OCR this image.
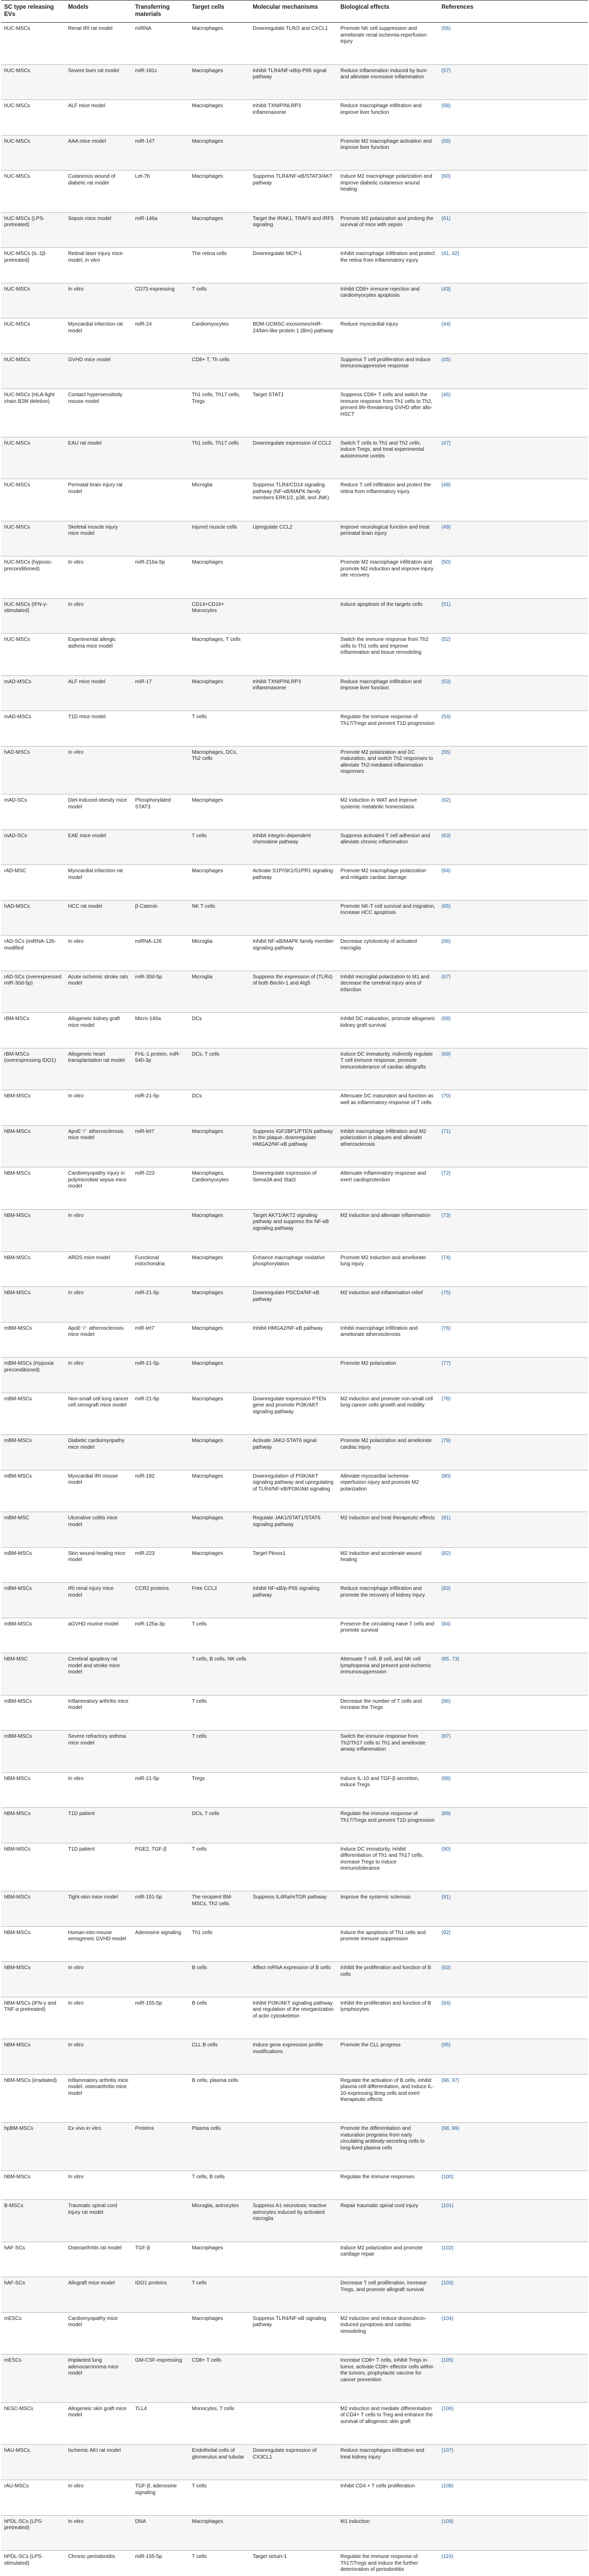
SC type releasing EVs	Models	Transferring materials	Target cells	Molecular mechanisms	Biological effects	References
hUC-MSCs	Renal IRI rat model	miRNA	Macrophages	Downregulate TLR/2 and CXCL1	Promote NK cell suppression and ameliorate renal ischemia-reperfusion injury	(56)
hUC-MSCs	Severe burn rat model	miR-181c	Macrophages	Inhibit TLR4/NF-κB/p-P65 signal pathway	Reduce inflammation induced by burn and alleviate excessive inflammation	(57)
hUC-MSCs	ALF mice model		Macrophages	Inhibit TXNIP/NLRP3 inflammasome	Reduce macrophage infiltration and improve liver function	(58)
hUC-MSCs	AAA mice model	miR-147	Macrophages		Promote M2 macrophage activation and improve liver function	(59)
hUC-MSCs	Cutaneous wound of diabetic rat model	Let-7b	Macrophages	Suppress TLR4/NF-κB/STAT3/AKT pathway	Induce M2 macrophage polarization and improve diabetic cutaneous wound healing	(60)
hUC-MSCs (LPS-pretreated)	Sepsis mice model	miR-146a	Macrophages	Target the IRAK1, TRAF6 and IRF5 signaling	Promote M2 polarization and prolong the survival of mice with sepsis	(61)
hUC-MSCs (IL-1β-pretreated)	Retinal laser injury mice model, in vitro		The retina cells	Downregulate MCP-1	Inhibit macrophage infiltration and protect the retina from inflammatory injury	(41, 42)
hUC-MSCs	In vitro	CD73 expressing	T cells		Inhibit CD8+ immune rejection and cardiomyocytes apoptosis	(43)
hUC-MSCs	Myocardial infarction rat model	miR-24	Cardiomyocytes	BDM-UCMSC-exosomes/miR-24/bim-like protein 1 (Bim) pathway	Reduce myocardial injury	(44)
hUC-MSCs	GVHD mice model		CD8+ T, Th cells		Suppress T cell proliferation and induce immunosuppressive response	(45)
hUC-MSCs (HLA-light chain B2M deletion)	Contact hypersensitivity mouse model		Th1 cells, Th17 cells, Tregs	Target STAT1	Suppress CD8+ T cells and switch the immune response from Th1 cells to Th2, prevent life-threatening GVHD after allo-HSCT	(46)
hUC-MSCs	EAU rat model		Th1 cells, Th17 cells	Downregulate expression of CCL2	Switch T cells to Th1 and Th2 cells, induce Tregs, and treat experimental autoimmune uveitis	(47)
hUC-MSCs	Perinatal brain injury rat model		Microglia	Suppress TLR4/CD14 signaling pathway (NF-κB/MAPK family members ERK1/2, p38, and JNK)	Reduce T cell infiltration and protect the retina from inflammatory injury	(48)
hUC-MSCs	Skeletal muscle injury mice model		Injured muscle cells	Upregulate CCL2	Improve neurological function and treat perinatal brain injury	(49)
hUC-MSCs (hypoxic-preconditioned)	In vitro	miR-216a-5p	Macrophages		Promote M2 macrophage infiltration and promote M2 induction and improve injury site recovery	(50)
hUC-MSCs (IFN-γ-stimulated)	In vitro		CD14+CD16+ Monocytes		Induce apoptosis of the targets cells	(51)
hUC-MSCs	Experimental allergic asthma mice model		Macrophages, T cells		Switch the immune response from Th2 cells to Th1 cells and improve inflammation and tissue remodeling	(52)
mAD-MSCs	ALF mice model	miR-17	Macrophages	Inhibit TXNIP/NLRP3 inflammasome	Reduce macrophage infiltration and improve liver function	(53)
mAD-MSCs	T1D mice model		T cells		Regulate the immune response of Th17/Tregs and prevent T1D progression	(54)
hAD-MSCs	In vitro		Macrophages, DCs, Th2 cells		Promote M2 polarization and DC maturation, and switch Th2 responses to alleviate Th2-mediated inflammation responses	(55)
mAD-SCs	Diet-induced obesity mice model	Phosphorylated STAT3	Macrophages		M2 induction in WAT and improve systemic metabolic homeostasis	(62)
mAD-SCs	EAE mice model		T cells	Inhibit integrin-dependent chemokine pathway	Suppress activated T cell adhesion and alleviate chronic inflammation	(63)
rAD-MSC	Myocardial infarction rat model		Macrophages	Activate S1P/SK1/S1PR1 signaling pathway	Promote M2 macrophage polarization and mitigate cardiac damage	(64)
hAD-MSCs	HCC rat model	β-Catenin	NK T cells		Promote NK-T cell survival and migration, increase HCC apoptosis	(65)
rAD-SCs (miRNA-126-modified	In vitro	miRNA-126	Microglia	Inhibit NF-κB/MAPK family member signaling pathway	Decrease cytotoxicity of activated microglia	(66)
rAD-SCs (overexpressed miR-30d-5p)	Acute ischemic stroke rats model	miR-30d-5p	Microglia	Suppress the expression of (TLR4) of both Beclin-1 and Atg5	Inhibit microglial polarization to M1 and decrease the cerebral injury area of infarction	(67)
rBM-MSCs	Allogeneic kidney graft mice model	Micro-146a	DCs		Inhibit DC maturation, promote allogeneic kidney graft survival	(68)
rBM-MSCs (overexpressing IDO1)	Allogeneic heart transplantation rat model	FHL-1 protein, miR-540-3p	DCs, T cells		Induce DC immaturity, indirectly regulate T cell immune response, promote immunotolerance of cardiac allografts	(69)
hBM-MSCs	In vitro	miR-21-5p	DCs		Attenuate DC maturation and function as well as inflammatory response of T cells	(70)
hBM-MSCs	ApoE⁻/⁻ atherosclerosis mice model	miR-let7	Macrophages	Suppress IGF2BP1/PTEN pathway in the plaque, downregulate HMGA2/NF-κB pathway	Inhibit macrophage infiltration and M2 polarization in plaques and alleviate atherosclerosis	(71)
hBM-MSCs	Cardiomyopathy injury in polymicrobial sepsis mice model	miR-223	Macrophages, Cardiomyocytes	Downregulate expression of Sema3A and Stat3	Attenuate inflammatory response and exert cardioprotection	(72)
hBM-MSCs	In vitro		Macrophages	Target AKT1/AKT2 signaling pathway and suppress the NF-κB signaling pathway	M2 induction and alleviate inflammation	(73)
hBM-MSCs	ARDS mice model	Functional mitochondria	Macrophages	Enhance macrophage oxidative phosphorylation	Promote M2 induction and ameliorate lung injury	(74)
hBM-MSCs	In vitro	miR-21-5p	Macrophages	Downregulate PDCD4/NF-κB pathway	M2 induction and inflammation relief	(75)
mBM-MSCs	ApoE⁻/⁻ atherosclerosis mice model	miR-let7	Macrophages	Inhibit HMGA2/NF-κB pathway	Inhibit macrophage infiltration and ameliorate atherosclerosis	(76)
mBM-MSCs (Hypoxia preconditioned)	In vitro	miR-21-5p	Macrophages		Promote M2 polarization	(77)
mBM-MSCs	Non-small cell lung cancer cell xenograft mice model	miR-21-5p	Macrophages	Downregulate expression PTEN gene and promote PI3K/AKT signaling pathway	M2 induction and promote non-small cell lung cancer cells growth and mobility	(78)
mBM-MSCs	Diabetic cardiomyopathy mice model		Macrophages	Activate JAK2-STAT6 signal pathway	Promote M2 polarization and ameliorate cardiac injury	(79)
mBM-MSCs	Myocardial IRI mouse model	miR-182	Macrophages	Downregulation of PI3K/AKT signaling pathway and upregulating of TLR4/NF-κB/PI3K/Akt signaling	Alleviate myocardial ischemia-reperfusion injury and promote M2 polarization	(80)
mBM-MSC	Ulcerative colitis mice model		Macrophages	Regulate JAK1/STAT1/STAT6 signaling pathway	M2 induction and treat therapeutic effects	(81)
mBM-MSCs	Skin wound-healing mice model	miR-223	Macrophages	Target Pknox1	M2 induction and accelerate wound healing	(82)
mBM-MSCs	IRI renal injury mice model	CCR2 proteins	Free CCL2	Inhibit NF-κB/p-P65 signaling pathway	Reduce macrophage infiltration and promote the recovery of kidney injury	(83)
mBM-MSCs	aGVHD murine model	miR-125a-3p	T cells		Preserve the circulating naive T cells and promote survival	(84)
hBM-MSC	Cerebral apoplexy rat model and stroke mice model		T cells, B cells, NK cells		Attenuate T cell, B cell, and NK cell lymphopenia and present post-ischemic immunosuppression	(85, 73)
mBM-MSCs	Inflammatory arthritis mice model		T cells		Decrease the number of T cells and increase the Tregs	(86)
mBM-MSCs	Severe refractory asthma mice model		T cells		Switch the immune response from Th2/Th17 cells to Th1 and ameliorate airway inflammation	(87)
hBM-MSCs	In vitro	miR-21-5p	Tregs		Induce IL-10 and TGF-β secretion, induce Tregs	(88)
hBM-MSCs	T1D patient		DCs, T cells		Regulate the immune response of Th17/Tregs and prevent T1D progression	(89)
hBM-MSCs	T1D patient	PGE2, TGF-β	T cells		Induce DC immaturity, inhibit differentiation of Th1 and Th17 cells, increase Tregs to induce immunotolerance	(90)
hBM-MSCs	Tight-skin mice model	miR-151-5p	The recipient BM-MSCs, Th2 cells	Suppress IL4Ra/mTOR pathway	Improve the systemic sclerosis	(91)
hBM-MSCs	Human-into-mouse xenogeneic GVHD model	Adenosine signaling	Th1 cells		Induce the apoptosis of Th1 cells and promote immune suppression	(92)
hBM-MSCs	In vitro		B cells	Affect mRNA expression of B cells	Inhibit the proliferation and function of B cells	(93)
hBM-MSCs (IFN-γ and TNF-α pretreated)	In vitro	miR-155-5p	B cells	Inhibit PI3K/AKT signaling pathway and regulation of the reorganization of actin cytoskeleton	Inhibit the proliferation and function of B lymphocytes	(94)
hBM-MSCs	In vitro		CLL B cells	Induce gene expression profile modifications	Promote the CLL progress	(95)
hBM-MSCs (irradiated)	Inflammatory arthritis mice model, osteoarthritis mice model		B cells, plasma cells		Regulate the activation of B cells, inhibit plasma cell differentiation, and induce IL-10-expressing Breg cells and exert therapeutic effects	(96, 97)
hpBM-MSCs	Ex vivo in vitro	Proteins	Plasma cells		Promote the differentiation and maturation programs from early circulating antibody-secreting cells to long-lived plasma cells	(98, 99)
hBM-MSCs	In vitro		T cells, B cells		Regulate the immune responses	(100)
B-MSCs	Traumatic spinal cord injury rat model		Microglia, astrocytes	Suppress A1 neurotoxic reactive astrocytes induced by activated microglia	Repair traumatic spinal cord injury	(101)
hAF-SCs	Osteoarthritis rat model	TGF-β	Macrophages		Induce M2 polarization and promote cartilage repair	(102)
hAF-SCs	Allograft mice model	IDO1 proteins	T cells		Decrease T cell proliferation, increase Tregs, and promote allograft survival	(103)
mESCs	Cardiomyopathy mice model		Macrophages	Suppress TLR4/NF-κB signaling pathway	M2 induction and reduce doxorubicin-induced pyroptosis and cardiac remodeling	(104)
mESCs	Implanted lung adenocarcinoma mice model	GM-CSF-expressing	CD8+ T cells		Increase CD8+ T cells, inhibit Tregs in tumor, activate CD8+ effector cells within the tumors, prophylactic vaccine for cancer prevention	(105)
hESC-MSCs	Allogeneic skin graft mice model	TLL4	Monocytes, T cells		M2 induction and mediate differentiation of CD4+ T cells to Treg and enhance the survival of allogeneic skin graft	(106)
hAU-MSCs	Ischemic AKI rat model		Endothelial cells of glomerulus and tubular	Downregulate expression of CX3CL1	Reduce macrophages infiltration and treat kidney injury	(107)
rAU-MSCs	In vitro	TGF-β, adenosine signaling	T cells		Inhibit CD4 + T cells proliferation	(108)
hPDL-SCs (LPS-pretreated)	In vitro	DNA	Macrophages		M1 induction	(109)
hPDL-SCs (LPS-stimulated)	Chronic periodontitis	miR-155-5p	T cells	Target sirtuin-1	Regulate the immune response of Th17/Tregs and induce the further deterioration of periodontitis	(110)
